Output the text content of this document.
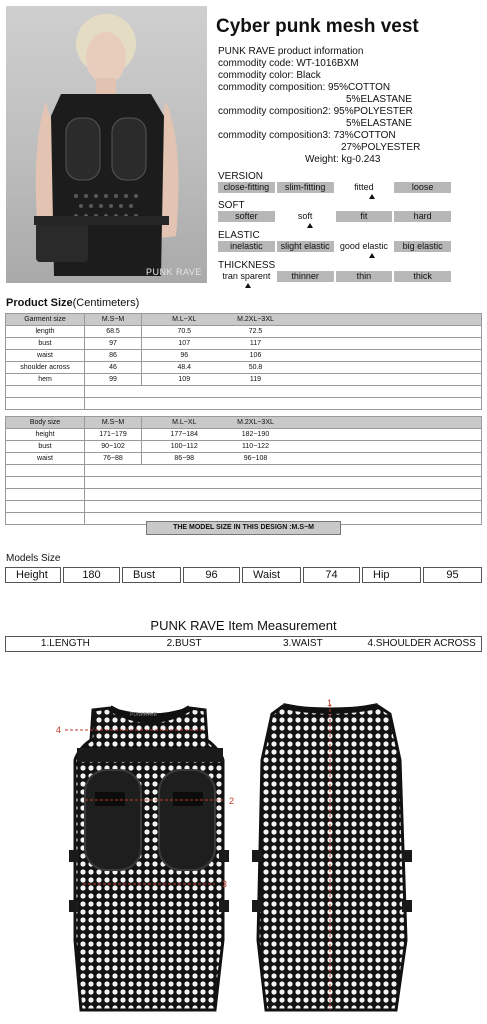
PUNK RAVE
Cyber punk mesh vest
PUNK RAVE product information
commodity code: WT-1016BXM
commodity color: Black
commodity composition: 95%COTTON
5%ELASTANE
commodity composition2: 95%POLYESTER
5%ELASTANE
commodity composition3: 73%COTTON
27%POLYESTER
Weight: kg-0.243
VERSION
close-fitting	slim-fitting	fitted	loose
SOFT
softer	soft	fit	hard
ELASTIC
inelastic	slight elastic	good elastic	big elastic
THICKNESS
tran sparent	thinner	thin	thick
Product Size(Centimeters)
Garment size	M.S~M	M.L~XL	M.2XL~3XL	
length	68.5	70.5	72.5	
bust	97	107	117	
waist	86	96	106	
shoulder across	46	48.4	50.8	
hem	99	109	119	

Body size	M.S~M	M.L~XL	M.2XL~3XL	
height	171~179	177~184	182~190	
bust	90~102	100~112	110~122	
waist	76~88	86~98	96~108	

THE MODEL SIZE IN THIS DESIGN :M.S~M
Models Size
Height	180	Bust	96	Waist	74	Hip	95
PUNK RAVE Item Measurement
1.LENGTH	2.BUST	3.WAIST	4.SHOULDER ACROSS
PUNKRAVE
4
2
3
1
